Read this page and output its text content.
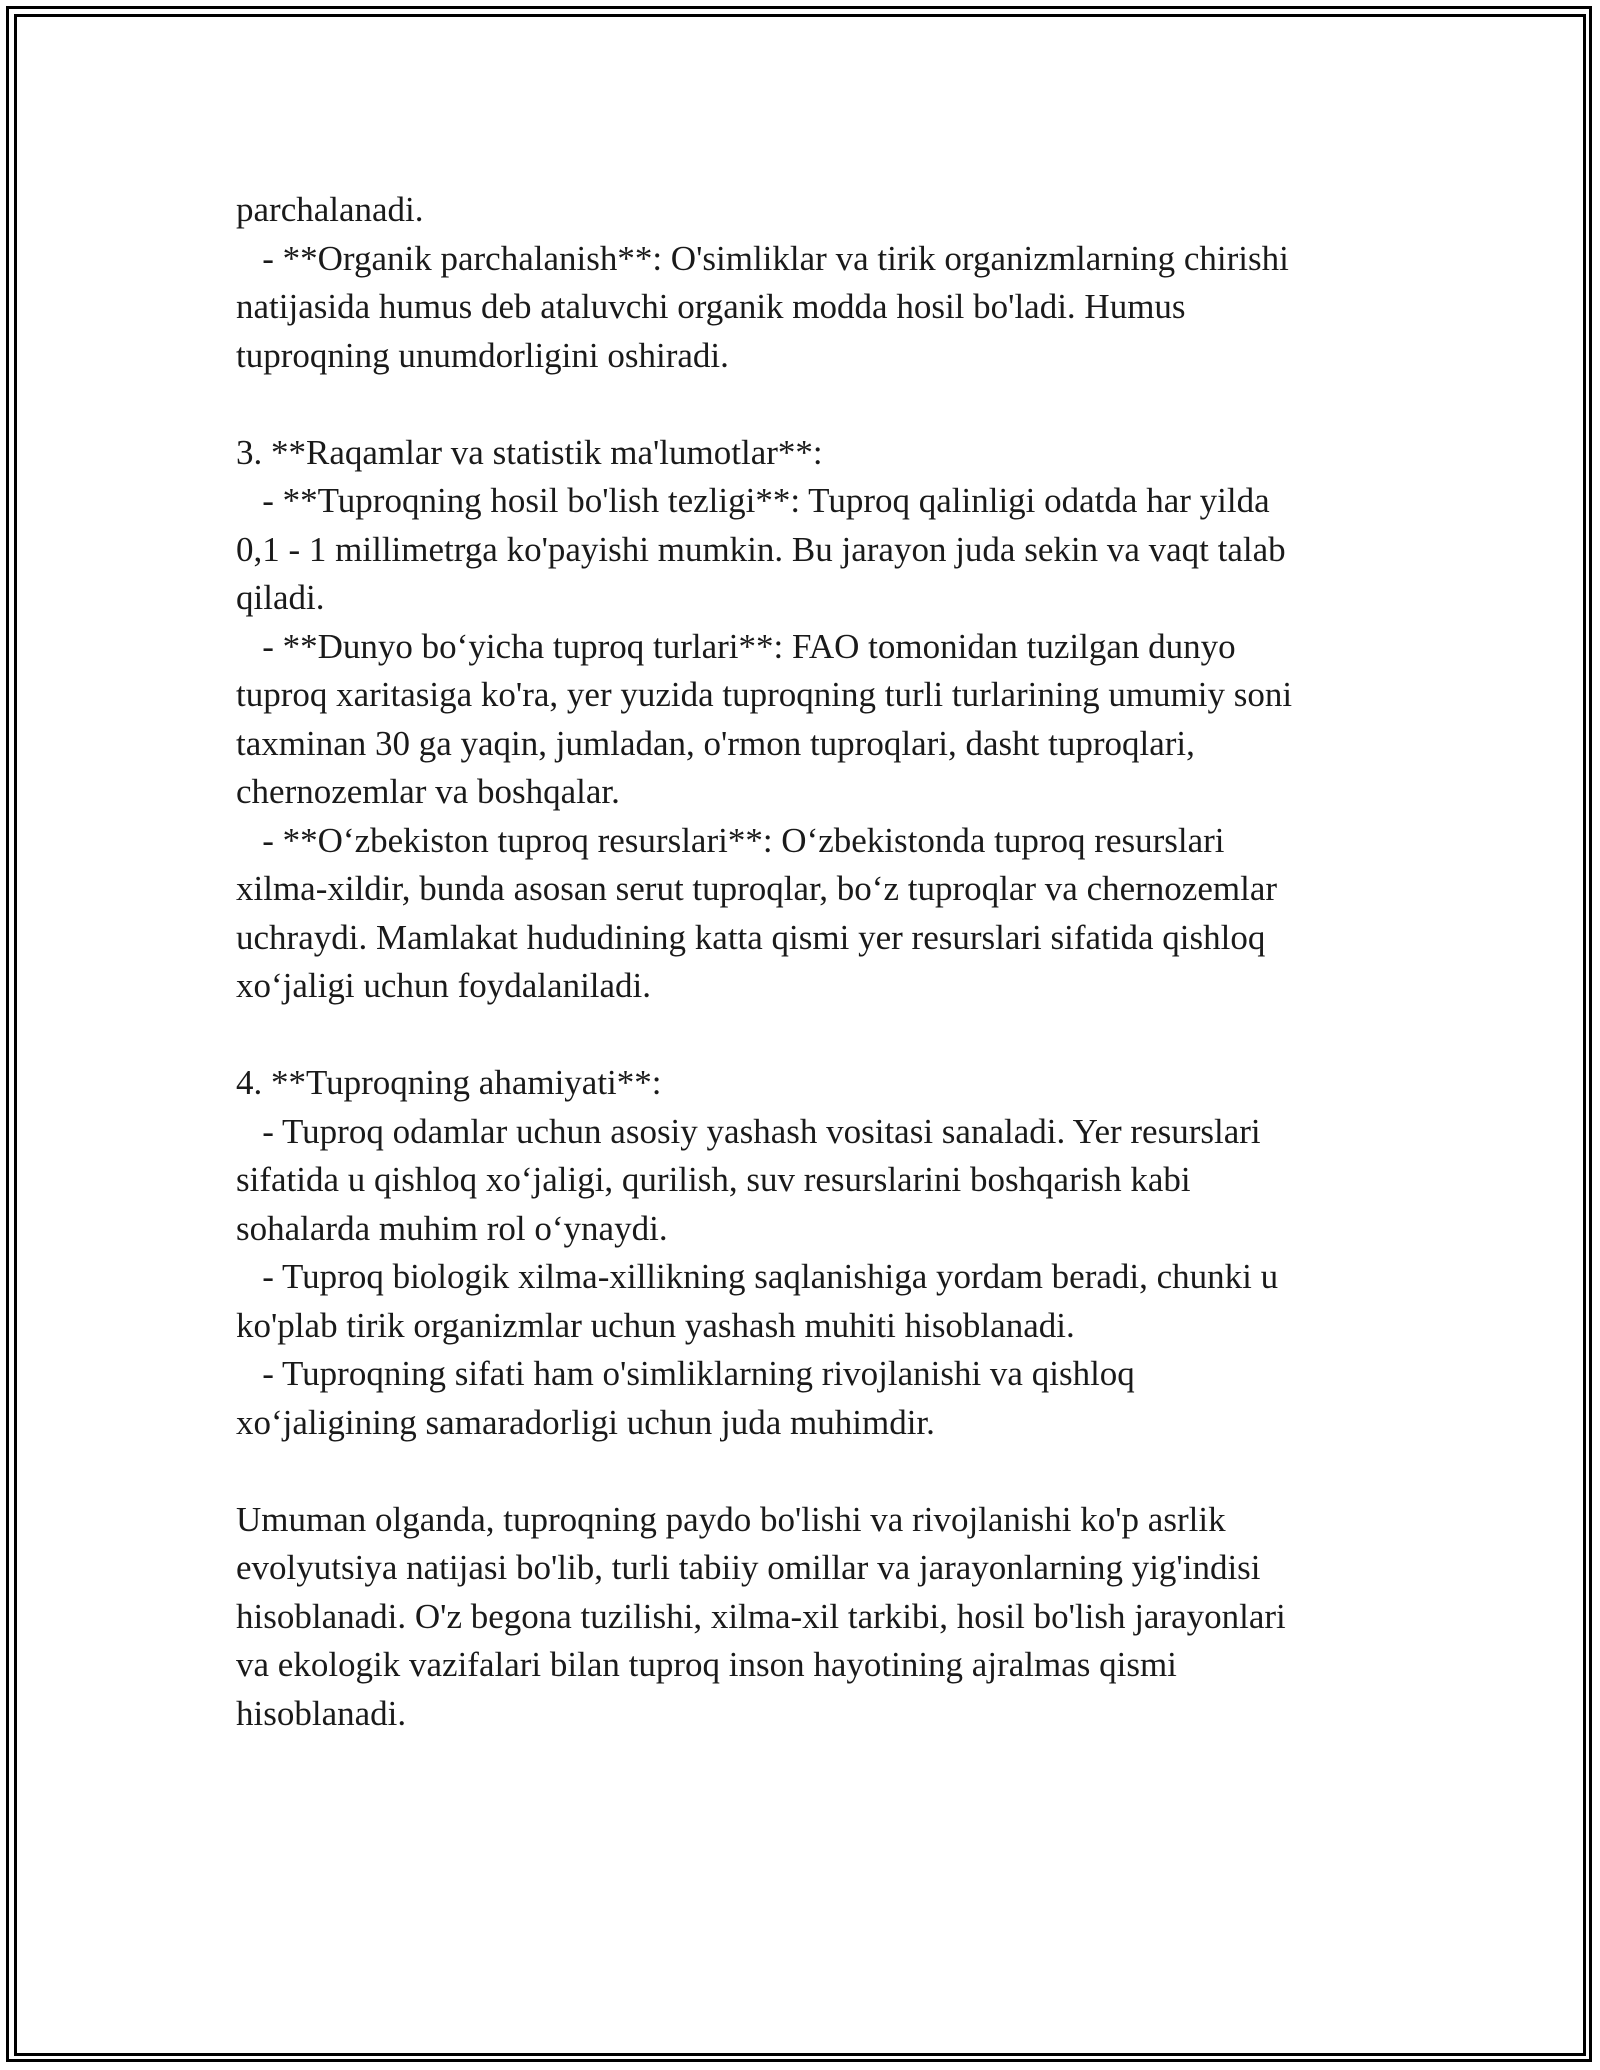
parchalanadi.
- **Organik parchalanish**: O'simliklar va tirik organizmlarning chirishi
natijasida humus deb ataluvchi organik modda hosil bo'ladi. Humus
tuproqning unumdorligini oshiradi.
3. **Raqamlar va statistik ma'lumotlar**:
- **Tuproqning hosil bo'lish tezligi**: Tuproq qalinligi odatda har yilda
0,1 - 1 millimetrga ko'payishi mumkin. Bu jarayon juda sekin va vaqt talab
qiladi.
- **Dunyo bo‘yicha tuproq turlari**: FAO tomonidan tuzilgan dunyo
tuproq xaritasiga ko'ra, yer yuzida tuproqning turli turlarining umumiy soni
taxminan 30 ga yaqin, jumladan, o'rmon tuproqlari, dasht tuproqlari,
chernozemlar va boshqalar.
- **O‘zbekiston tuproq resurslari**: O‘zbekistonda tuproq resurslari
xilma-xildir, bunda asosan serut tuproqlar, bo‘z tuproqlar va chernozemlar
uchraydi. Mamlakat hududining katta qismi yer resurslari sifatida qishloq
xo‘jaligi uchun foydalaniladi.
4. **Tuproqning ahamiyati**:
- Tuproq odamlar uchun asosiy yashash vositasi sanaladi. Yer resurslari
sifatida u qishloq xo‘jaligi, qurilish, suv resurslarini boshqarish kabi
sohalarda muhim rol o‘ynaydi.
- Tuproq biologik xilma-xillikning saqlanishiga yordam beradi, chunki u
ko'plab tirik organizmlar uchun yashash muhiti hisoblanadi.
- Tuproqning sifati ham o'simliklarning rivojlanishi va qishloq
xo‘jaligining samaradorligi uchun juda muhimdir.
Umuman olganda, tuproqning paydo bo'lishi va rivojlanishi ko'p asrlik
evolyutsiya natijasi bo'lib, turli tabiiy omillar va jarayonlarning yig'indisi
hisoblanadi. O'z begona tuzilishi, xilma-xil tarkibi, hosil bo'lish jarayonlari
va ekologik vazifalari bilan tuproq inson hayotining ajralmas qismi
hisoblanadi.
